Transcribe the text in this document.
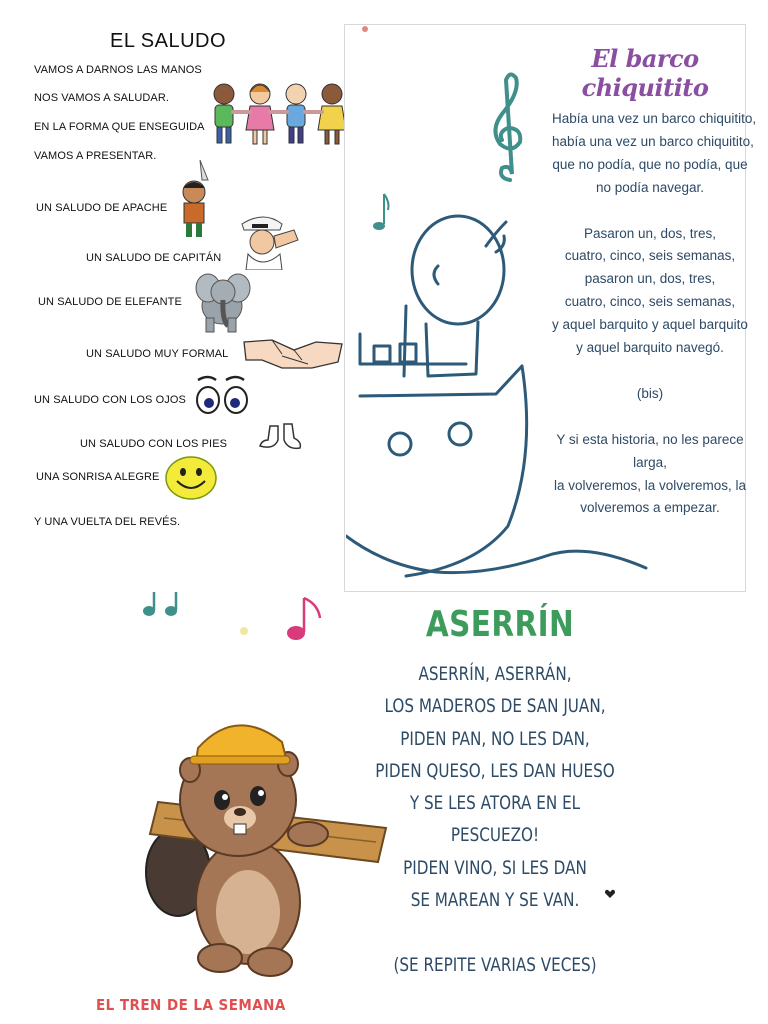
EL SALUDO
VAMOS A DARNOS LAS MANOS
NOS VAMOS A SALUDAR.
EN LA FORMA QUE ENSEGUIDA
VAMOS A PRESENTAR.
UN SALUDO DE APACHE
UN SALUDO DE CAPITÁN
UN SALUDO DE ELEFANTE
UN SALUDO MUY FORMAL
UN SALUDO CON LOS OJOS
UN SALUDO CON LOS PIES
UNA SONRISA ALEGRE
Y UNA VUELTA DEL REVÉS.
El barco chiquitito
Había una vez un barco chiquitito,
había una vez un barco chiquitito,
que no podía, que no podía, que
no podía navegar.

Pasaron un, dos, tres,
cuatro, cinco, seis semanas,
pasaron un, dos, tres,
cuatro, cinco, seis semanas,
y aquel barquito y aquel barquito
y aquel barquito navegó.

(bis)

Y si esta historia, no les parece
larga,
la volveremos, la volveremos, la
volveremos a empezar.
ASERRÍN
ASERRÍN, ASERRÁN,
LOS MADEROS DE SAN JUAN,
PIDEN PAN, NO LES DAN,
PIDEN QUESO, LES DAN HUESO
Y SE LES ATORA EN EL
PESCUEZO!
PIDEN VINO, SI LES DAN
SE MAREAN Y SE VAN.

(SE REPITE VARIAS VECES)
EL TREN DE LA SEMANA
